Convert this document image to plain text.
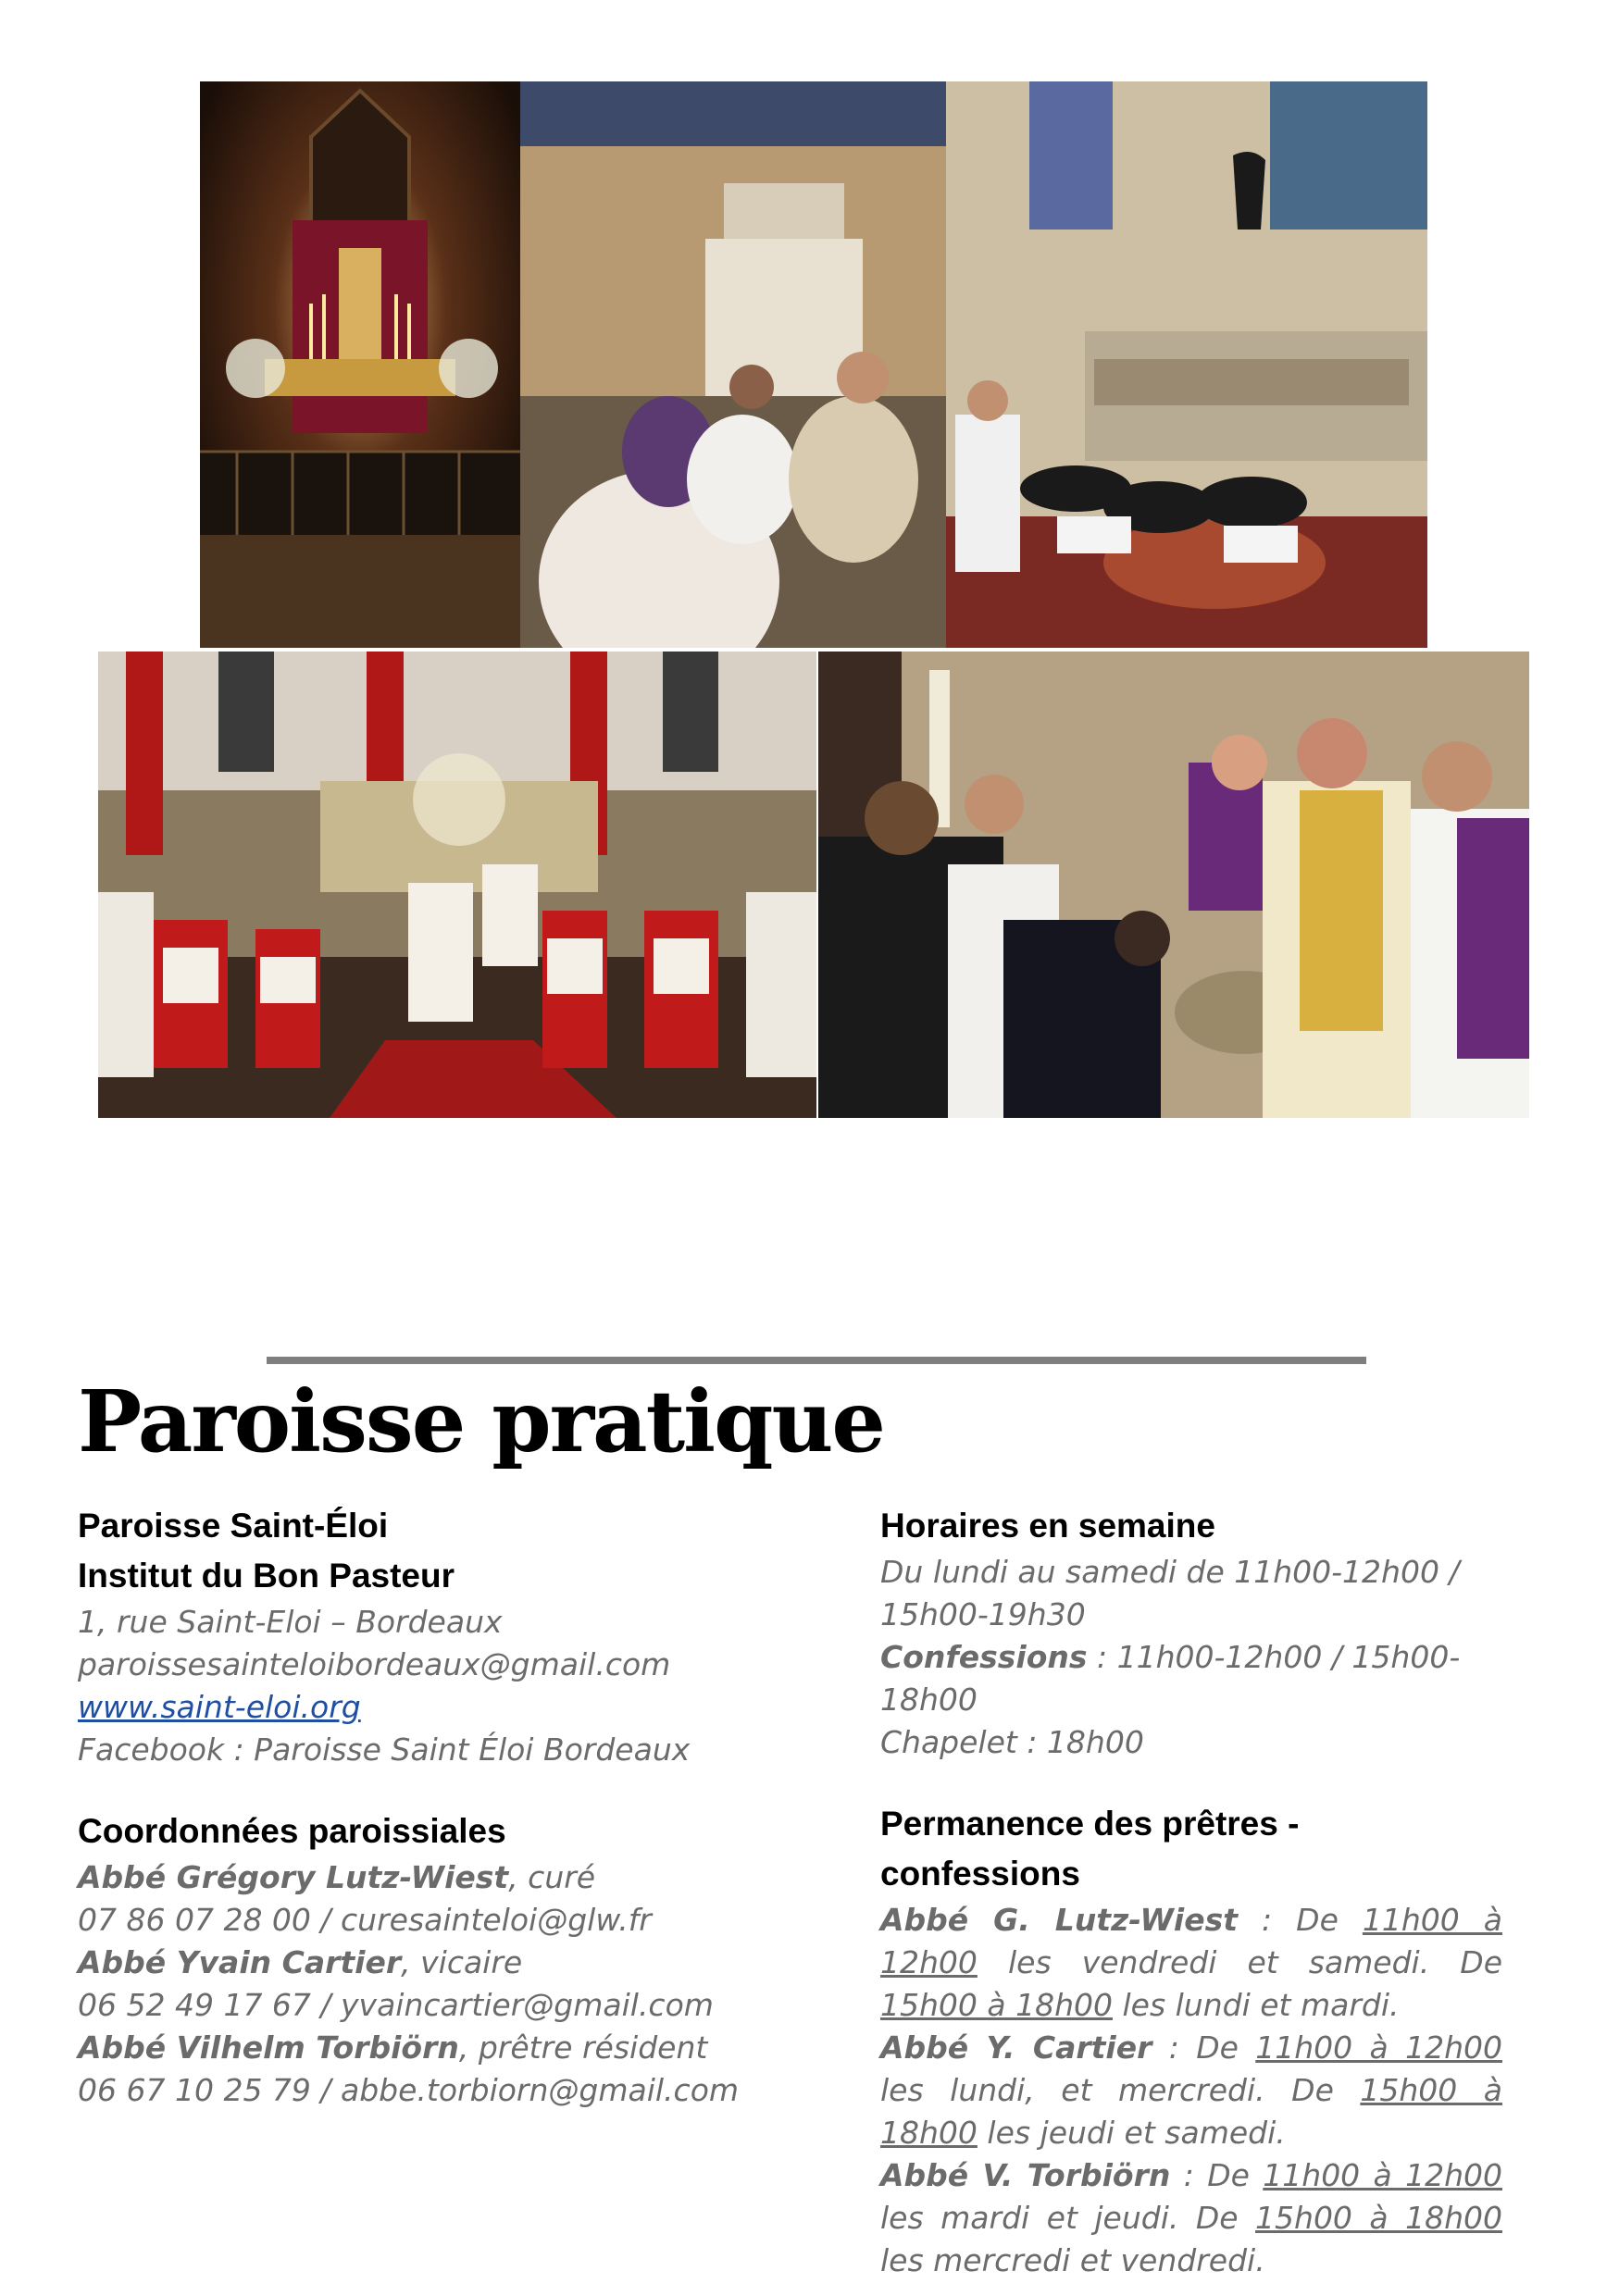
Paroisse pratique

Paroisse Saint-Éloi

Institut du Bon Pasteur

1, rue Saint-Eloi – Bordeaux

paroissesainteloibordeaux@gmail.com

www.saint-eloi.org

Facebook : Paroisse Saint Éloi Bordeaux

Coordonnées paroissiales

Abbé Grégory Lutz-Wiest, curé

07 86 07 28 00 / curesainteloi@glw.fr

Abbé Yvain Cartier, vicaire

06 52 49 17 67 / yvaincartier@gmail.com

Abbé Vilhelm Torbiörn, prêtre résident

06 67 10 25 79 / abbe.torbiorn@gmail.com

Horaires en semaine

Du lundi au samedi de 11h00-12h00 / 15h00-19h30

Confessions : 11h00-12h00 / 15h00-18h00

Chapelet : 18h00

Permanence des prêtres - confessions

Abbé G. Lutz-Wiest : De 11h00 à 12h00 les vendredi et samedi. De 15h00 à 18h00 les lundi et mardi.

Abbé Y. Cartier : De 11h00 à 12h00 les lundi, et mercredi. De 15h00 à 18h00 les jeudi et samedi.

Abbé V. Torbiörn : De 11h00 à 12h00 les mardi et jeudi. De 15h00 à 18h00 les mercredi et vendredi.
